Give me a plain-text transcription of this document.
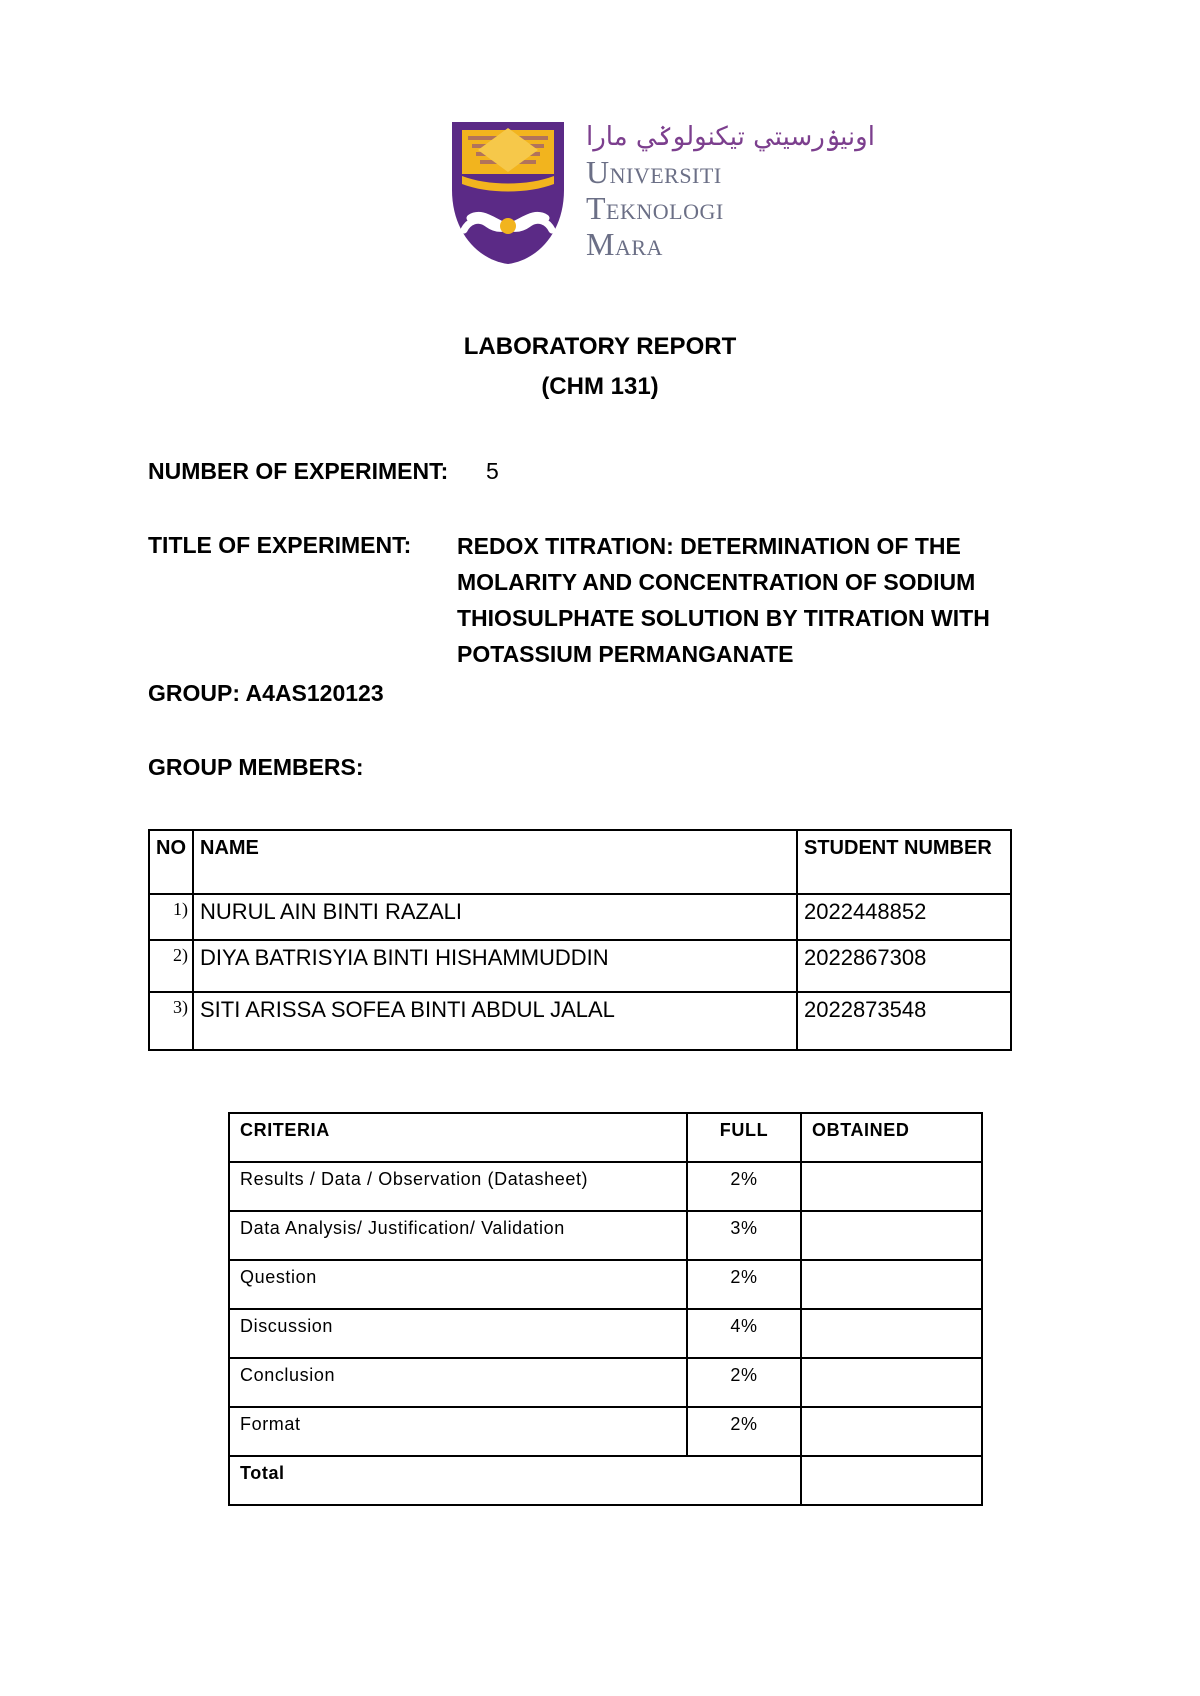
اونيۏرسيتي تيكنولوݢي مارا
Universiti
Teknologi
Mara
LABORATORY REPORT
(CHM 131)
NUMBER OF EXPERIMENT: 5
TITLE OF EXPERIMENT: REDOX TITRATION: DETERMINATION OF THE MOLARITY AND CONCENTRATION OF SODIUM THIOSULPHATE SOLUTION BY TITRATION WITH POTASSIUM PERMANGANATE
GROUP: A4AS120123
GROUP MEMBERS:
NO	NAME	STUDENT NUMBER
1)	NURUL AIN BINTI RAZALI	2022448852
2)	DIYA BATRISYIA BINTI HISHAMMUDDIN	2022867308
3)	SITI ARISSA SOFEA BINTI ABDUL JALAL	2022873548
CRITERIA	FULL	OBTAINED
Results / Data / Observation (Datasheet)	2%	
Data Analysis/ Justification/ Validation	3%	
Question	2%	
Discussion	4%	
Conclusion	2%	
Format	2%	
Total		
